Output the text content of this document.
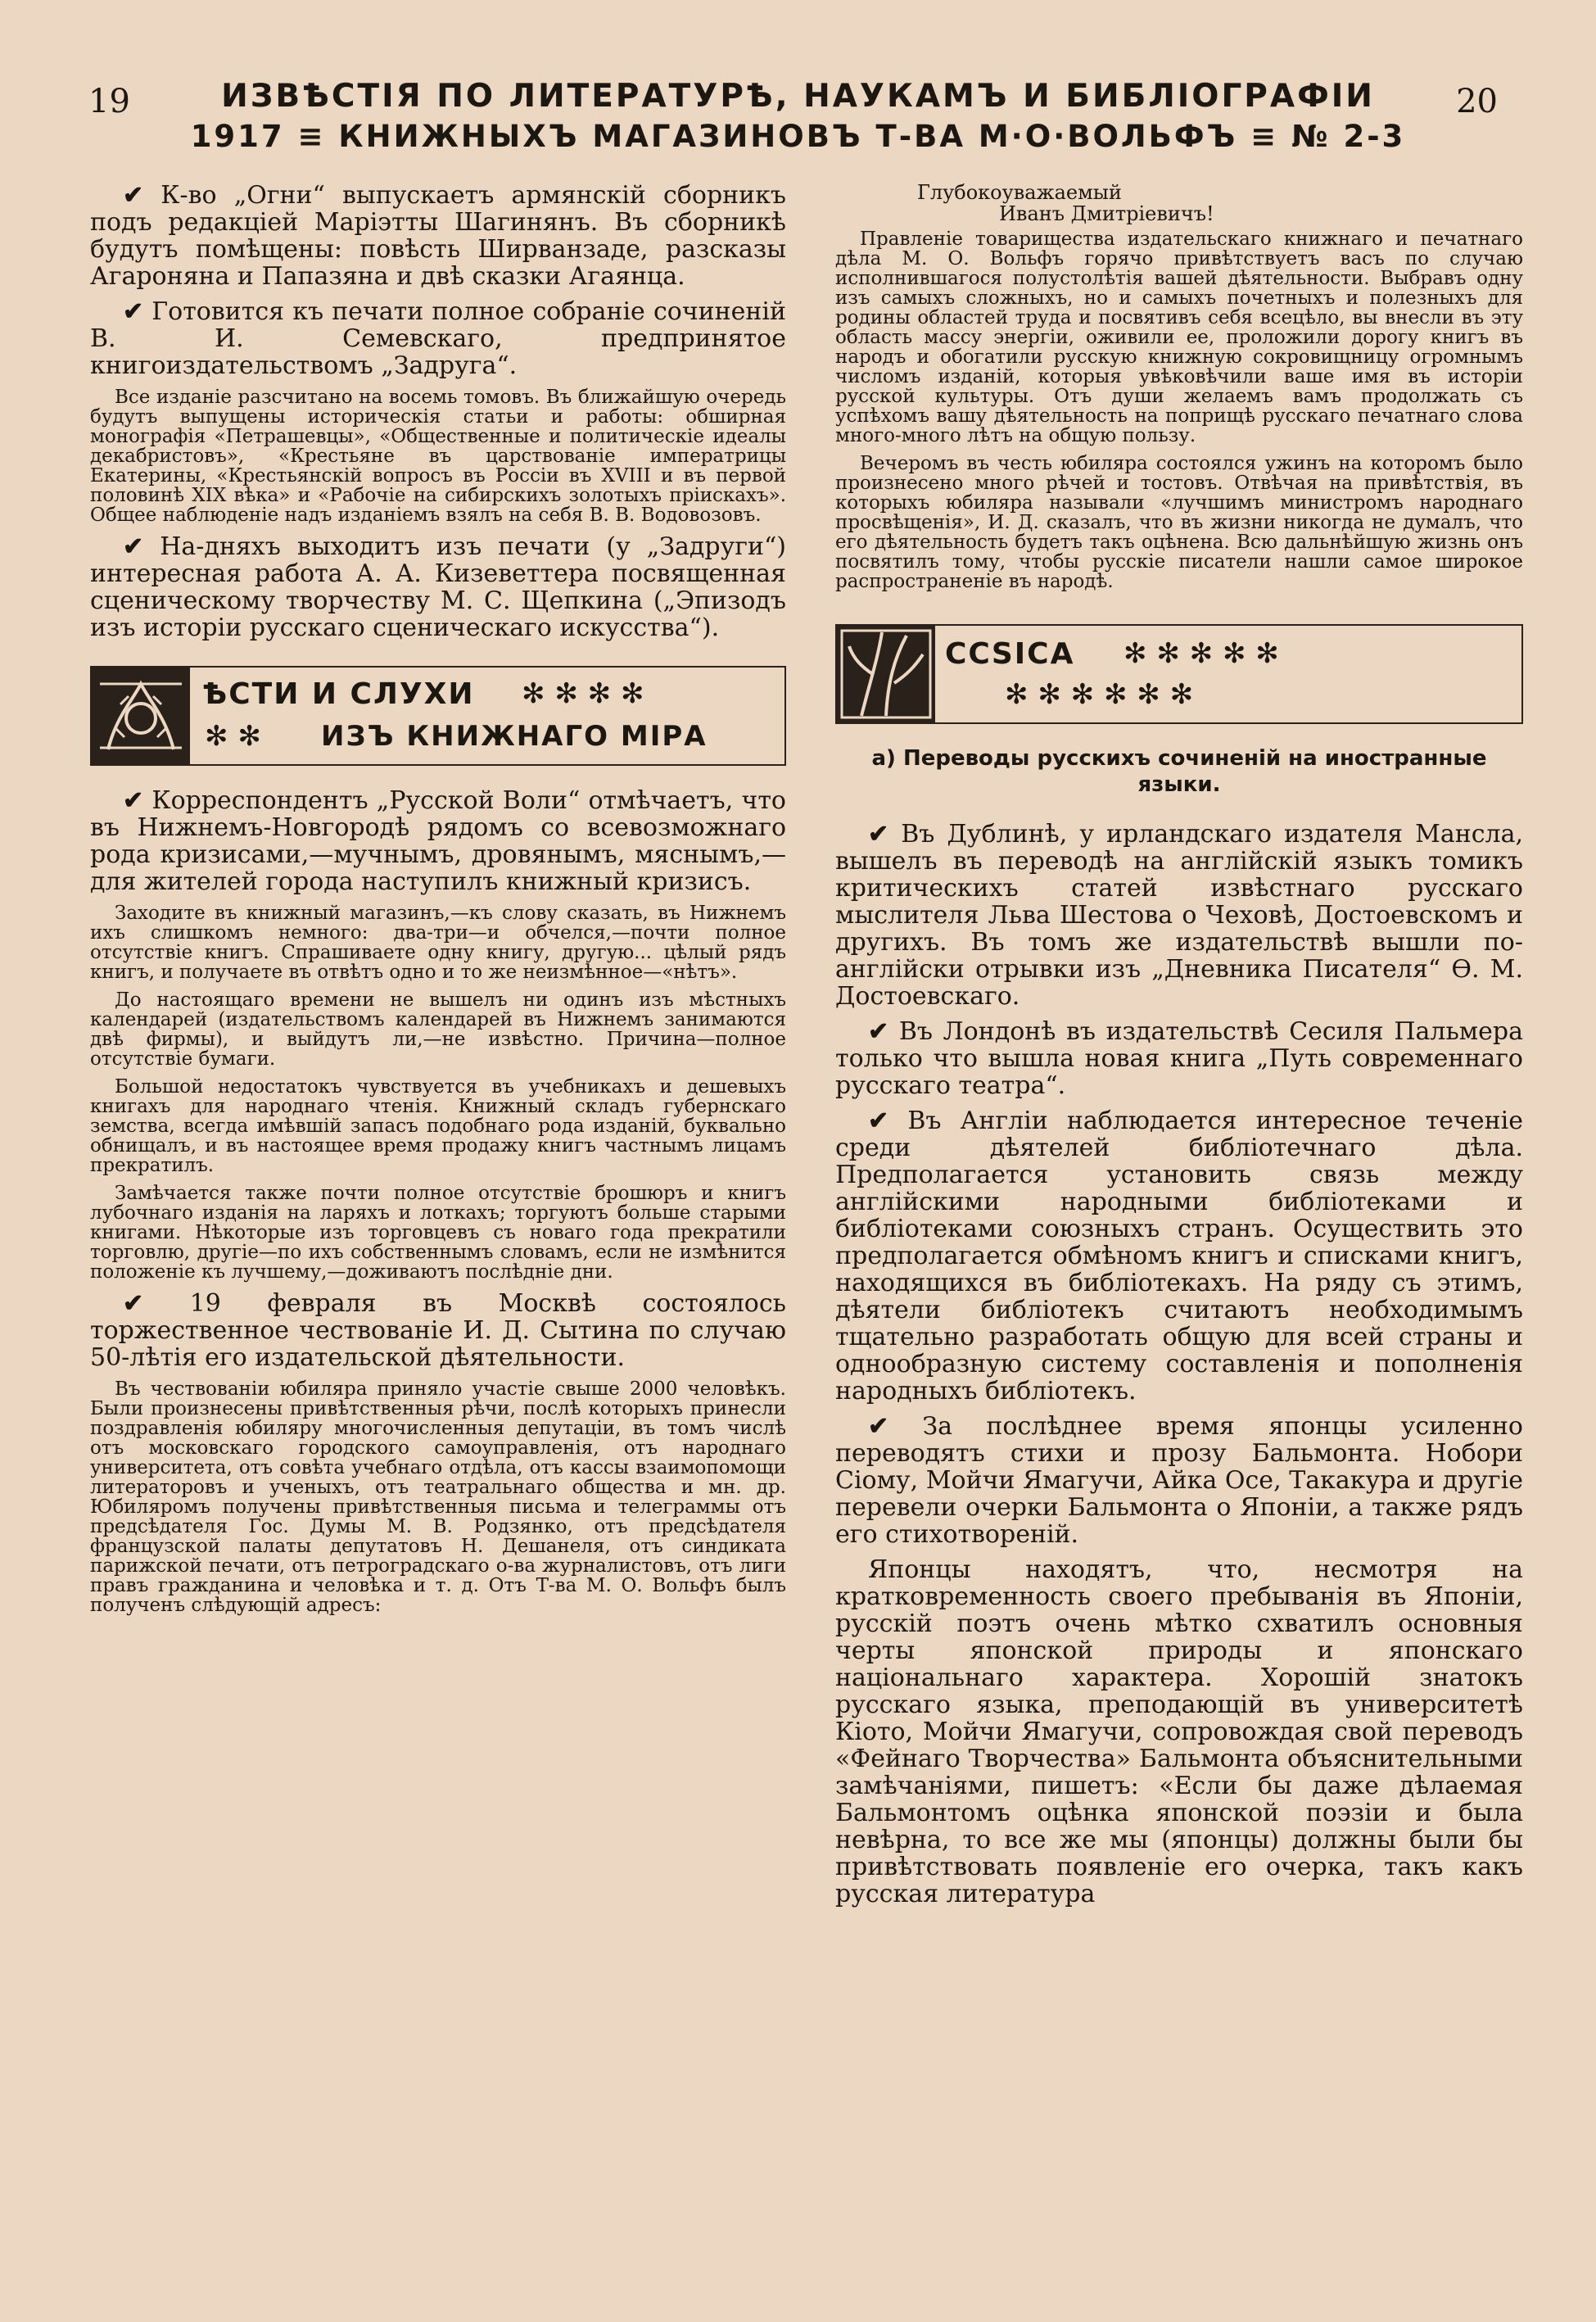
19	ИЗВѢСТІЯ ПО ЛИТЕРАТУРѢ, НАУКАМЪ И БИБЛІОГРАФІИ
1917 ≡ КНИЖНЫХЪ МАГАЗИНОВЪ Т-ВА М·О·ВОЛЬФЪ ≡ № 2-3
20

✔ К-во „Огни“ выпускаетъ армянскій сборникъ подъ редакціей Маріэтты Шагинянъ. Въ сборникѣ будутъ помѣщены: повѣсть Ширванзаде, разсказы Агароняна и Папазяна и двѣ сказки Агаянца.

✔ Готовится къ печати полное собраніе сочиненій В. И. Семевскаго, предпринятое книгоиздательствомъ „Задруга“.

Все изданіе разсчитано на восемь томовъ. Въ ближайшую очередь будутъ выпущены историческія статьи и работы: обширная монографія «Петрашевцы», «Общественные и политическіе идеалы декабристовъ», «Крестьяне въ царствованіе императрицы Екатерины, «Крестьянскій вопросъ въ Россіи въ XVIII и въ первой половинѣ XIX вѣка» и «Рабочіе на сибирскихъ золотыхъ пріискахъ». Общее наблюденіе надъ изданіемъ взялъ на себя В. В. Водовозовъ.

✔ На-дняхъ выходитъ изъ печати (у „Задруги“) интересная работа А. А. Кизеветтера посвященная сценическому творчеству М. С. Щепкина („Эпизодъ изъ исторіи русскаго сценическаго искусства“).

ѢСТИ И СЛУХИ ✻ ✻ ✻ ✻
✻ ✻ ИЗЪ КНИЖНАГО МІРА

✔ Корреспондентъ „Русской Воли“ отмѣчаетъ, что въ Нижнемъ-Новгородѣ рядомъ со всевозможнаго рода кризисами,—мучнымъ, дровянымъ, мяснымъ,—для жителей города наступилъ книжный кризисъ.

Заходите въ книжный магазинъ,—къ слову сказать, въ Нижнемъ ихъ слишкомъ немного: два-три—и обчелся,—почти полное отсутствіе книгъ. Спрашиваете одну книгу, другую... цѣлый рядъ книгъ, и получаете въ отвѣтъ одно и то же неизмѣнное—«нѣтъ».

До настоящаго времени не вышелъ ни одинъ изъ мѣстныхъ календарей (издательствомъ календарей въ Нижнемъ занимаются двѣ фирмы), и выйдутъ ли,—не извѣстно. Причина—полное отсутствіе бумаги.

Большой недостатокъ чувствуется въ учебникахъ и дешевыхъ книгахъ для народнаго чтенія. Книжный складъ губернскаго земства, всегда имѣвшій запасъ подобнаго рода изданій, буквально обнищалъ, и въ настоящее время продажу книгъ частнымъ лицамъ прекратилъ.

Замѣчается также почти полное отсутствіе брошюръ и книгъ лубочнаго изданія на ларяхъ и лоткахъ; торгуютъ больше старыми книгами. Нѣкоторые изъ торговцевъ съ новаго года прекратили торговлю, другіе—по ихъ собственнымъ словамъ, если не измѣнится положеніе къ лучшему,—доживаютъ послѣдніе дни.

✔ 19 февраля въ Москвѣ состоялось торжественное чествованіе И. Д. Сытина по случаю 50-лѣтія его издательской дѣятельности.

Въ чествованіи юбиляра приняло участіе свыше 2000 человѣкъ. Были произнесены привѣтственныя рѣчи, послѣ которыхъ принесли поздравленія юбиляру многочисленныя депутаціи, въ томъ числѣ отъ московскаго городского самоуправленія, отъ народнаго университета, отъ совѣта учебнаго отдѣла, отъ кассы взаимопомощи литераторовъ и ученыхъ, отъ театральнаго общества и мн. др. Юбиляромъ получены привѣтственныя письма и телеграммы отъ предсѣдателя Гос. Думы М. В. Родзянко, отъ предсѣдателя французской палаты депутатовъ Н. Дешанеля, отъ синдиката парижской печати, отъ петроградскаго о-ва журналистовъ, отъ лиги правъ гражданина и человѣка и т. д. Отъ Т-ва М. О. Вольфъ былъ полученъ слѣдующій адресъ:

Глубокоуважаемый
Иванъ Дмитріевичъ!

Правленіе товарищества издательскаго книжнаго и печатнаго дѣла М. О. Вольфъ горячо привѣтствуетъ васъ по случаю исполнившагося полустолѣтія вашей дѣятельности. Выбравъ одну изъ самыхъ сложныхъ, но и самыхъ почетныхъ и полезныхъ для родины областей труда и посвятивъ себя всецѣло, вы внесли въ эту область массу энергіи, оживили ее, проложили дорогу книгъ въ народъ и обогатили русскую книжную сокровищницу огромнымъ числомъ изданій, которыя увѣковѣчили ваше имя въ исторіи русской культуры. Отъ души желаемъ вамъ продолжать съ успѣхомъ вашу дѣятельность на поприщѣ русскаго печатнаго слова много-много лѣтъ на общую пользу.

Вечеромъ въ честь юбиляра состоялся ужинъ на которомъ было произнесено много рѣчей и тостовъ. Отвѣчая на привѣтствія, въ которыхъ юбиляра называли «лучшимъ министромъ народнаго просвѣщенія», И. Д. сказалъ, что въ жизни никогда не думалъ, что его дѣятельность будетъ такъ оцѣнена. Всю дальнѣйшую жизнь онъ посвятилъ тому, чтобы русскіе писатели нашли самое широкое распространеніе въ народѣ.

ССSICA ✻ ✻ ✻ ✻ ✻
✻ ✻ ✻ ✻ ✻ ✻
а) Переводы русскихъ сочиненій на иностранные языки.

✔ Въ Дублинѣ, у ирландскаго издателя Мансла, вышелъ въ переводѣ на англійскій языкъ томикъ критическихъ статей извѣстнаго русскаго мыслителя Льва Шестова о Чеховѣ, Достоевскомъ и другихъ. Въ томъ же издательствѣ вышли по-англійски отрывки изъ „Дневника Писателя“ Ѳ. М. Достоевскаго.

✔ Въ Лондонѣ въ издательствѣ Сесиля Пальмера только что вышла новая книга „Путь современнаго русскаго театра“.

✔ Въ Англіи наблюдается интересное теченіе среди дѣятелей библіотечнаго дѣла. Предполагается установить связь между англійскими народными библіотеками и библіотеками союзныхъ странъ. Осуществить это предполагается обмѣномъ книгъ и списками книгъ, находящихся въ библіотекахъ. На ряду съ этимъ, дѣятели библіотекъ считаютъ необходимымъ тщательно разработать общую для всей страны и однообразную систему составленія и пополненія народныхъ библіотекъ.

✔ За послѣднее время японцы усиленно переводятъ стихи и прозу Бальмонта. Нобори Сіому, Мойчи Ямагучи, Айка Осе, Такакура и другіе перевели очерки Бальмонта о Японіи, а также рядъ его стихотвореній.

Японцы находятъ, что, несмотря на кратковременность своего пребыванія въ Японіи, русскій поэтъ очень мѣтко схватилъ основныя черты японской природы и японскаго національнаго характера. Хорошій знатокъ русскаго языка, преподающій въ университетѣ Кіото, Мойчи Ямагучи, сопровождая свой переводъ «Фейнаго Творчества» Бальмонта объяснительными замѣчаніями, пишетъ: «Если бы даже дѣлаемая Бальмонтомъ оцѣнка японской поэзіи и была невѣрна, то все же мы (японцы) должны были бы привѣтствовать появленіе его очерка, такъ какъ русская литература
